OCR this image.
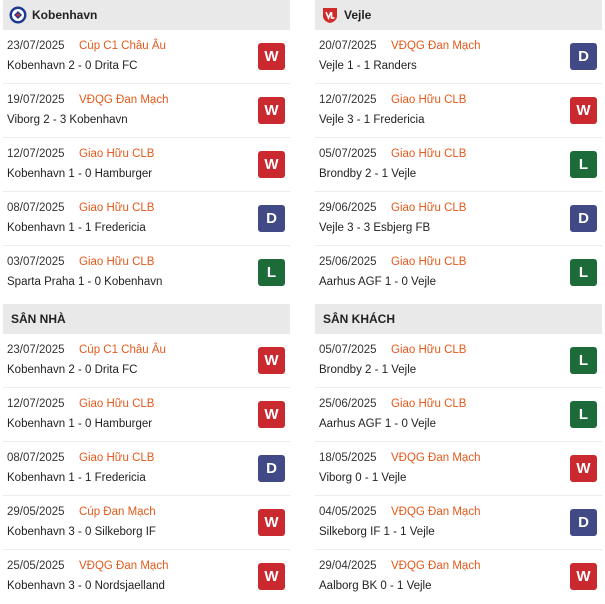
Kobenhavn
23/07/2025 Cúp C1 Châu Âu
Kobenhavn 2 - 0 Drita FC
W
19/07/2025 VĐQG Đan Mạch
Viborg 2 - 3 Kobenhavn
W
12/07/2025 Giao Hữu CLB
Kobenhavn 1 - 0 Hamburger
W
08/07/2025 Giao Hữu CLB
Kobenhavn 1 - 1 Fredericia
D
03/07/2025 Giao Hữu CLB
Sparta Praha 1 - 0 Kobenhavn
L
SÂN NHÀ
23/07/2025 Cúp C1 Châu Âu
Kobenhavn 2 - 0 Drita FC
W
12/07/2025 Giao Hữu CLB
Kobenhavn 1 - 0 Hamburger
W
08/07/2025 Giao Hữu CLB
Kobenhavn 1 - 1 Fredericia
D
29/05/2025 Cúp Đan Mạch
Kobenhavn 3 - 0 Silkeborg IF
W
25/05/2025 VĐQG Đan Mạch
Kobenhavn 3 - 0 Nordsjaelland
W
Vejle
20/07/2025 VĐQG Đan Mạch
Vejle 1 - 1 Randers
D
12/07/2025 Giao Hữu CLB
Vejle 3 - 1 Fredericia
W
05/07/2025 Giao Hữu CLB
Brondby 2 - 1 Vejle
L
29/06/2025 Giao Hữu CLB
Vejle 3 - 3 Esbjerg FB
D
25/06/2025 Giao Hữu CLB
Aarhus AGF 1 - 0 Vejle
L
SÂN KHÁCH
05/07/2025 Giao Hữu CLB
Brondby 2 - 1 Vejle
L
25/06/2025 Giao Hữu CLB
Aarhus AGF 1 - 0 Vejle
L
18/05/2025 VĐQG Đan Mạch
Viborg 0 - 1 Vejle
W
04/05/2025 VĐQG Đan Mạch
Silkeborg IF 1 - 1 Vejle
D
29/04/2025 VĐQG Đan Mạch
Aalborg BK 0 - 1 Vejle
W
